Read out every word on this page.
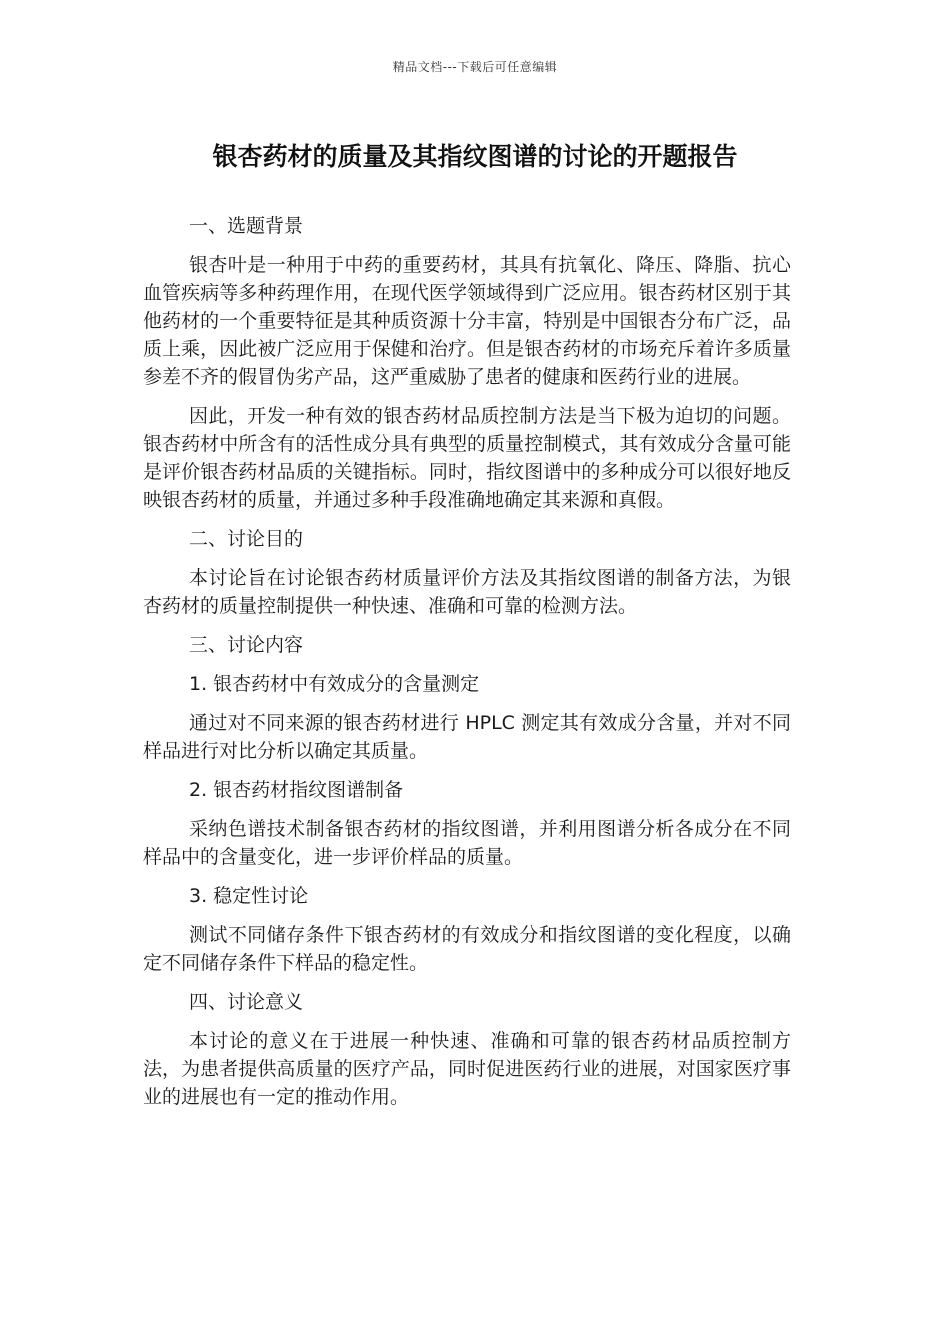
精品文档---下载后可任意编辑
银杏药材的质量及其指纹图谱的讨论的开题报告

一、选题背景

银杏叶是一种用于中药的重要药材，其具有抗氧化、降压、降脂、抗心血管疾病等多种药理作用，在现代医学领域得到广泛应用。银杏药材区别于其他药材的一个重要特征是其种质资源十分丰富，特别是中国银杏分布广泛，品质上乘，因此被广泛应用于保健和治疗。但是银杏药材的市场充斥着许多质量参差不齐的假冒伪劣产品，这严重威胁了患者的健康和医药行业的进展。

因此，开发一种有效的银杏药材品质控制方法是当下极为迫切的问题。银杏药材中所含有的活性成分具有典型的质量控制模式，其有效成分含量可能是评价银杏药材品质的关键指标。同时，指纹图谱中的多种成分可以很好地反映银杏药材的质量，并通过多种手段准确地确定其来源和真假。

二、讨论目的

本讨论旨在讨论银杏药材质量评价方法及其指纹图谱的制备方法，为银杏药材的质量控制提供一种快速、准确和可靠的检测方法。

三、讨论内容

1. 银杏药材中有效成分的含量测定

通过对不同来源的银杏药材进行 HPLC 测定其有效成分含量，并对不同样品进行对比分析以确定其质量。

2. 银杏药材指纹图谱制备

采纳色谱技术制备银杏药材的指纹图谱，并利用图谱分析各成分在不同样品中的含量变化，进一步评价样品的质量。

3. 稳定性讨论

测试不同储存条件下银杏药材的有效成分和指纹图谱的变化程度，以确定不同储存条件下样品的稳定性。

四、讨论意义

本讨论的意义在于进展一种快速、准确和可靠的银杏药材品质控制方法，为患者提供高质量的医疗产品，同时促进医药行业的进展，对国家医疗事业的进展也有一定的推动作用。
